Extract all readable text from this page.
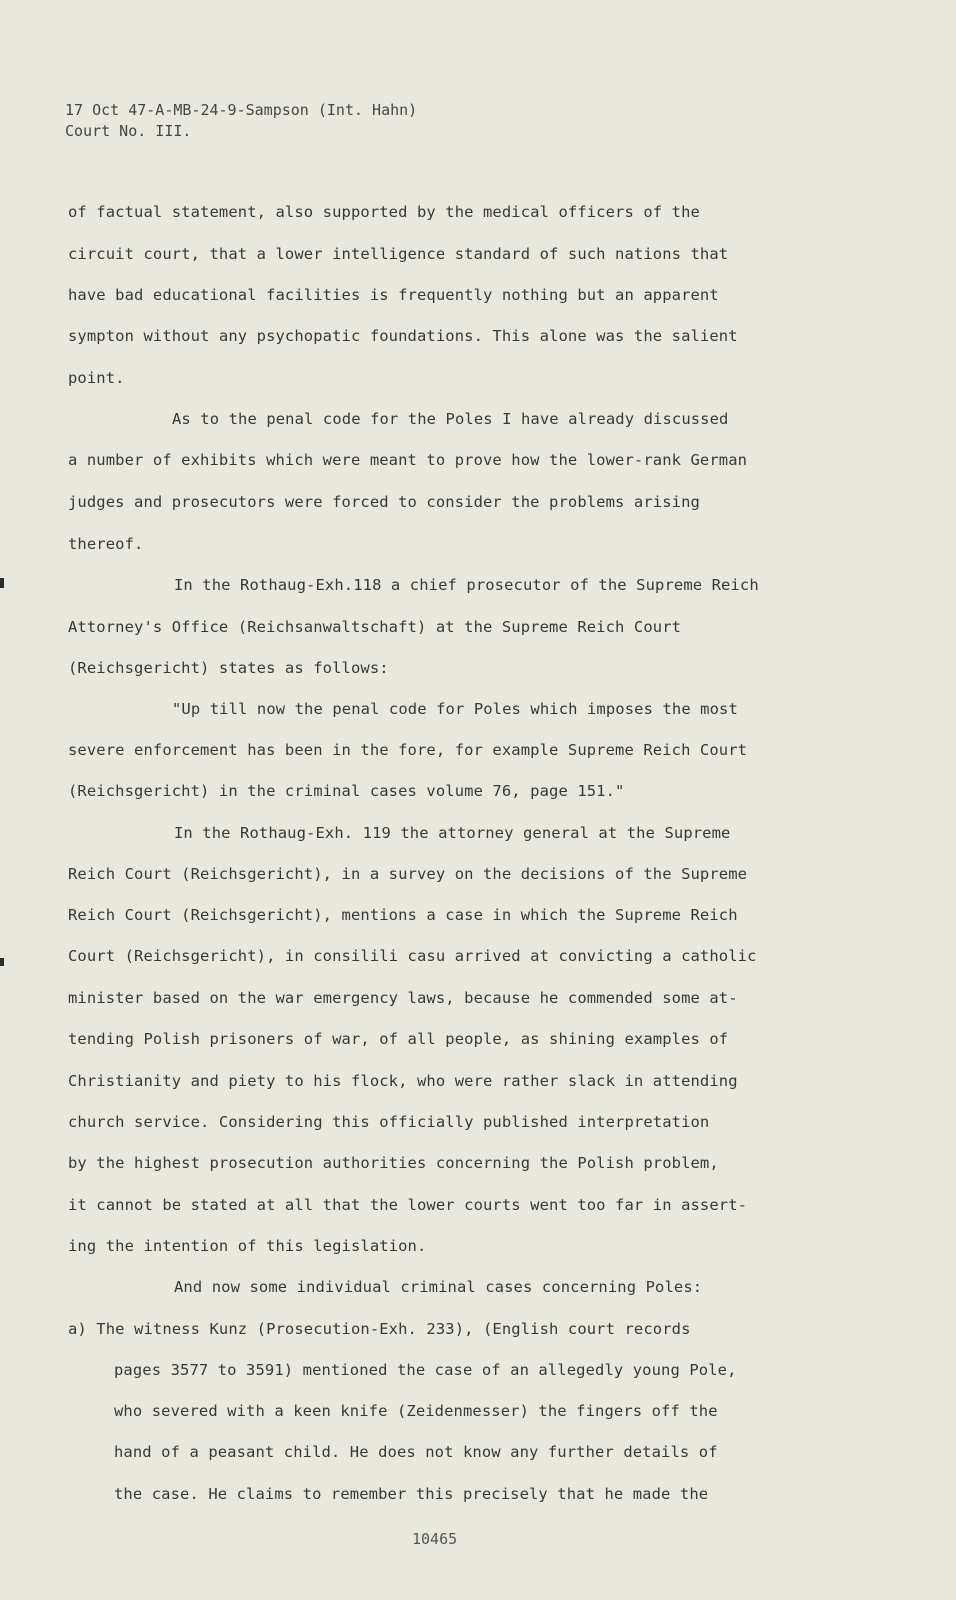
17 Oct 47-A-MB-24-9-Sampson (Int. Hahn)
Court No. III.
of factual statement, also supported by the medical officers of the
circuit court, that a lower intelligence standard of such nations that
have bad educational facilities is frequently nothing but an apparent
sympton without any psychopatic foundations. This alone was the salient
point.
As to the penal code for the Poles I have already discussed
a number of exhibits which were meant to prove how the lower-rank German
judges and prosecutors were forced to consider the problems arising
thereof.
In the Rothaug-Exh.118 a chief prosecutor of the Supreme Reich
Attorney's Office (Reichsanwaltschaft) at the Supreme Reich Court
(Reichsgericht) states as follows:
"Up till now the penal code for Poles which imposes the most
severe enforcement has been in the fore, for example Supreme Reich Court
(Reichsgericht) in the criminal cases volume 76, page 151."
In the Rothaug-Exh. 119 the attorney general at the Supreme
Reich Court (Reichsgericht), in a survey on the decisions of the Supreme
Reich Court (Reichsgericht), mentions a case in which the Supreme Reich
Court (Reichsgericht), in consilili casu arrived at convicting a catholic
minister based on the war emergency laws, because he commended some at-
tending Polish prisoners of war, of all people, as shining examples of
Christianity and piety to his flock, who were rather slack in attending
church service. Considering this officially published interpretation
by the highest prosecution authorities concerning the Polish problem,
it cannot be stated at all that the lower courts went too far in assert-
ing the intention of this legislation.
And now some individual criminal cases concerning Poles:
a) The witness Kunz (Prosecution-Exh. 233), (English court records
pages 3577 to 3591) mentioned the case of an allegedly young Pole,
who severed with a keen knife (Zeidenmesser) the fingers off the
hand of a peasant child. He does not know any further details of
the case. He claims to remember this precisely that he made the
10465
